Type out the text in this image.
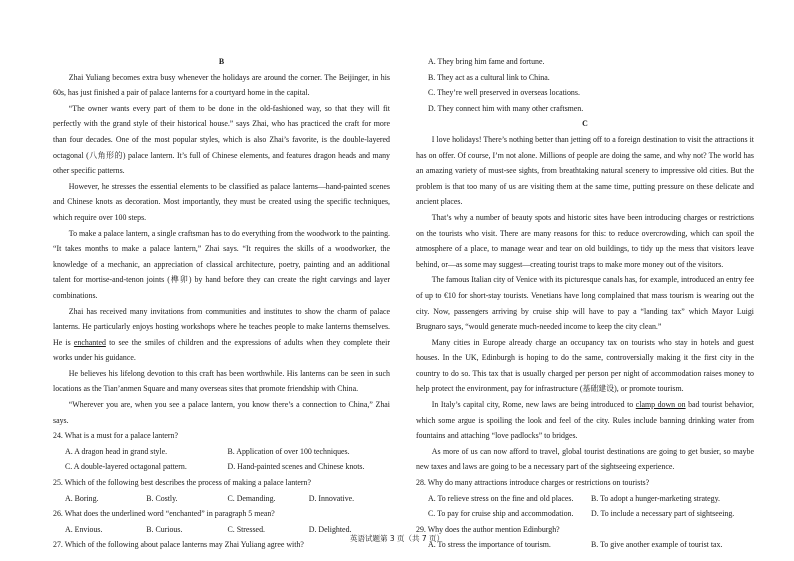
B

Zhai Yuliang becomes extra busy whenever the holidays are around the corner. The Beijinger, in his 60s, has just finished a pair of palace lanterns for a courtyard home in the capital.

“The owner wants every part of them to be done in the old-fashioned way, so that they will fit perfectly with the grand style of their historical house.” says Zhai, who has practiced the craft for more than four decades. One of the most popular styles, which is also Zhai’s favorite, is the double-layered octagonal (八角形的) palace lantern. It’s full of Chinese elements, and features dragon heads and many other specific patterns.

However, he stresses the essential elements to be classified as palace lanterns—hand-painted scenes and Chinese knots as decoration. Most importantly, they must be created using the specific techniques, which require over 100 steps.

To make a palace lantern, a single craftsman has to do everything from the woodwork to the painting. “It takes months to make a palace lantern,” Zhai says. “It requires the skills of a woodworker, the knowledge of a mechanic, an appreciation of classical architecture, poetry, painting and an additional talent for mortise-and-tenon joints (榫卯) by hand before they can create the right carvings and layer combinations.

Zhai has received many invitations from communities and institutes to show the charm of palace lanterns. He particularly enjoys hosting workshops where he teaches people to make lanterns themselves. He is enchanted to see the smiles of children and the expressions of adults when they complete their works under his guidance.

He believes his lifelong devotion to this craft has been worthwhile. His lanterns can be seen in such locations as the Tian’anmen Square and many overseas sites that promote friendship with China.

“Wherever you are, when you see a palace lantern, you know there’s a connection to China,” Zhai says.

24. What is a must for a palace lantern?
A. A dragon head in grand style.	B. Application of over 100 techniques.
C. A double-layered octagonal pattern.	D. Hand-painted scenes and Chinese knots.
25. Which of the following best describes the process of making a palace lantern?
A. Boring.	B. Costly.	C. Demanding.	D. Innovative.
26. What does the underlined word “enchanted” in paragraph 5 mean?
A. Envious.	B. Curious.	C. Stressed.	D. Delighted.
27. Which of the following about palace lanterns may Zhai Yuliang agree with?
A. They bring him fame and fortune.
B. They act as a cultural link to China.
C. They’re well preserved in overseas locations.
D. They connect him with many other craftsmen.
C

I love holidays! There’s nothing better than jetting off to a foreign destination to visit the attractions it has on offer. Of course, I’m not alone. Millions of people are doing the same, and why not? The world has an amazing variety of must-see sights, from breathtaking natural scenery to impressive old cities. But the problem is that too many of us are visiting them at the same time, putting pressure on these delicate and ancient places.

That’s why a number of beauty spots and historic sites have been introducing charges or restrictions on the tourists who visit. There are many reasons for this: to reduce overcrowding, which can spoil the atmosphere of a place, to manage wear and tear on old buildings, to tidy up the mess that visitors leave behind, or—as some may suggest—creating tourist traps to make more money out of the visitors.

The famous Italian city of Venice with its picturesque canals has, for example, introduced an entry fee of up to €10 for short-stay tourists. Venetians have long complained that mass tourism is wearing out the city. Now, passengers arriving by cruise ship will have to pay a “landing tax” which Mayor Luigi Brugnaro says, “would generate much-needed income to keep the city clean.”

Many cities in Europe already charge an occupancy tax on tourists who stay in hotels and guest houses. In the UK, Edinburgh is hoping to do the same, controversially making it the first city in the country to do so. This tax that is usually charged per person per night of accommodation raises money to help protect the environment, pay for infrastructure (基础建设), or promote tourism.

In Italy’s capital city, Rome, new laws are being introduced to clamp down on bad tourist behavior, which some argue is spoiling the look and feel of the city. Rules include banning drinking water from fountains and attaching “love padlocks” to bridges.

As more of us can now afford to travel, global tourist destinations are going to get busier, so maybe new taxes and laws are going to be a necessary part of the sightseeing experience.

28. Why do many attractions introduce charges or restrictions on tourists?
A. To relieve stress on the fine and old places.	B. To adopt a hunger-marketing strategy.
C. To pay for cruise ship and accommodation.	D. To include a necessary part of sightseeing.
29. Why does the author mention Edinburgh?
A. To stress the importance of tourism.	B. To give another example of tourist tax.
英语试题第 3 页（共 7 页）
